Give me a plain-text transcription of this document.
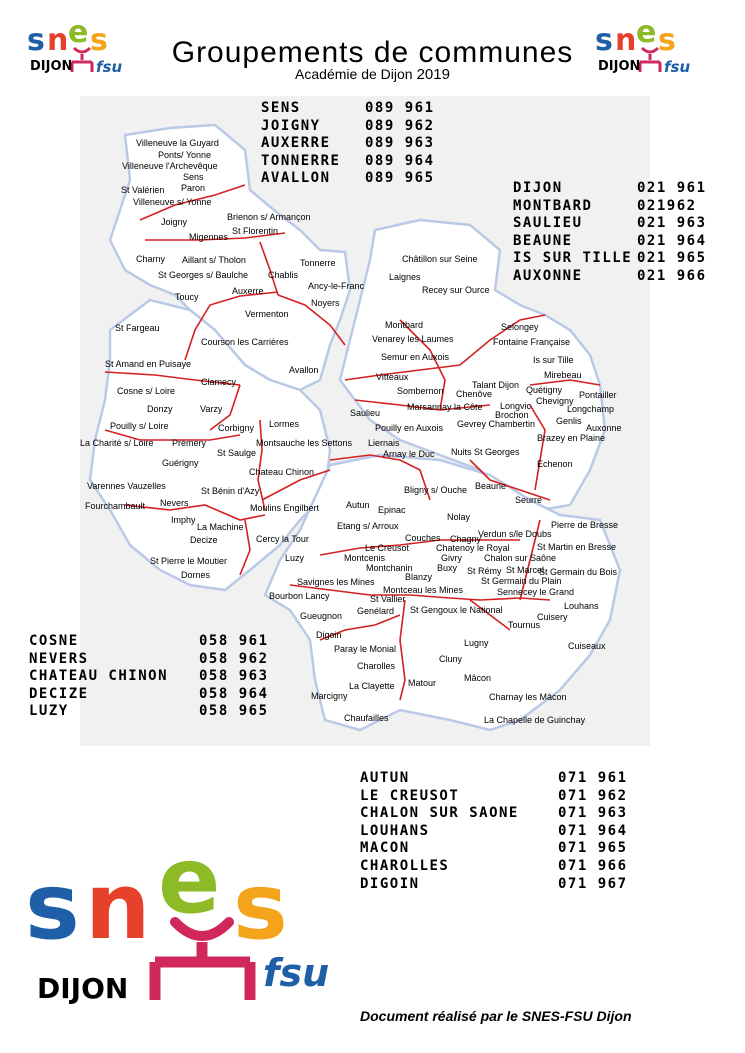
Groupements de communes
Académie de Dijon 2019
s n e s
DIJON fsu
s n e s
DIJON fsu
Villeneuve la Guyard
Ponts/ Yonne
Villeneuve l'Archevêque
Sens
Paron
St Valérien
Villeneuve s/ Yonne
Joigny	Brienon s/ Armançon
Migennes
St Florentin
Charny Aillant s/ Tholon
St Georges s/ Baulche Chablis
Tonnerre
Ancy-le-Franc
Toucy
Auxerre
Noyers
Vermenton
St Fargeau
Courson les Carrières
St Amand en Puisaye
Avallon
Clamecy
Cosne s/ Loire
Donzy	Varzy
Pouilly s/ Loire	Corbigny Lormes
La Charité s/ Loire Prémery	Montsauche les Settons
St Saulge
Guérigny
Chateau Chinon
Varennes Vauzelles	St Bénin d'Azy
Fourchambault Nevers
Imphy
Moulins Engilbert
La Machine
Decize	Cercy la Tour
Luzy
St Pierre le Moutier
Dornes
Châtillon sur Seine
Laignes
Recey sur Ource
Montbard
Venarey les Laumes
Semur en Auxois
Selongey
Fontaine Française
Is sur Tille
Vitteaux
Talant Dijon
Mirebeau
Sombernon Chenôve	Quétigny Pontailler
Longvic Chevigny
Saulieu
Marsannay la Côte
Brochon
Longchamp
Gevrey Chambertin Genlis
Auxonne
Liernais
Pouilly en Auxois
Brazey en Plaine
Arnay le Duc Nuits St Georges
Echenon
Bligny s/ Ouche Beaune
Autun Epinac
Seurre
Nolay
Etang s/ Arroux
Verdun s/le Doubs
Pierre de Bresse
Couches Chagny
Le Creusot	Chatenoy le Royal	St Martin en Bresse
Montcenis	Givry Chalon sur Saône
Montchanin	Buxy St Rémy St Marcel
St Germain du Bois
Blanzy	St Germain du Plain
Savignes les Mines
Montceau les Mines	Sennecey le Grand
Bourbon Lancy	St Vallier
Louhans
Genélard St Gengoux le National
Gueugnon	Cuisery
Tournus
Digoin
Cuiseaux
Lugny
Paray le Monial
Cluny
Charolles
Mâcon
La Clayette Matour
Charnay les Mâcon
Marcigny
Chaufailles	La Chapelle de Guinchay
SENS	089 961
JOIGNY	089 962
AUXERRE	089 963
TONNERRE	089 964
AVALLON	089 965
DIJON	021 961
MONTBARD	021962
SAULIEU	021 963
BEAUNE	021 964
IS SUR TILLE 021 965
AUXONNE	021 966
COSNE	058 961
NEVERS	058 962
CHATEAU CHINON	058 963
DECIZE	058 964
LUZY	058 965
AUTUN	071 961
LE CREUSOT	071 962
CHALON SUR SAONE	071 963
LOUHANS	071 964
MACON	071 965
CHAROLLES	071 966
DIGOIN	071 967
s n e s
DIJON	fsu
Document réalisé par le SNES-FSU Dijon
